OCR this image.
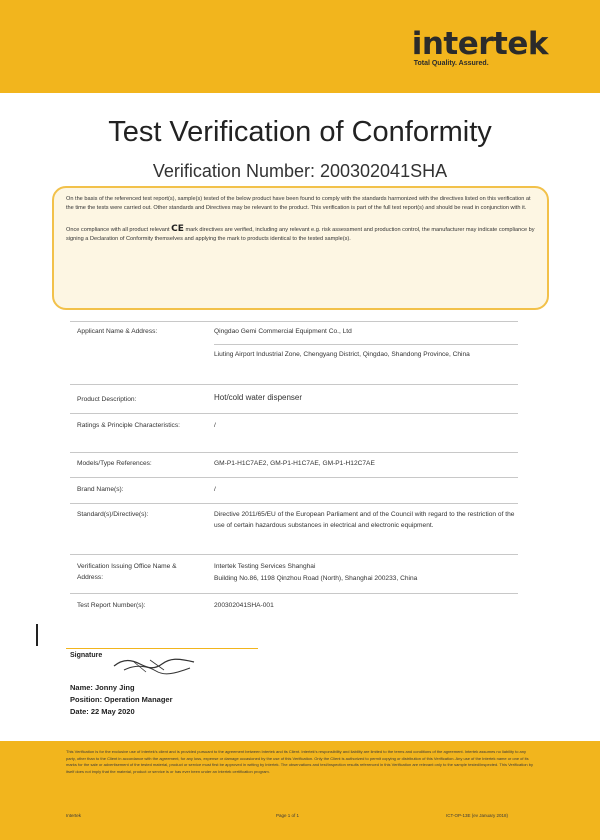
intertek
Total Quality. Assured.
Test Verification of Conformity
Verification Number: 200302041SHA

On the basis of the referenced test report(s), sample(s) tested of the below product have been found to comply with the standards harmonized with the directives listed on this verification at the time the tests were carried out. Other standards and Directives may be relevant to the product. This verification is part of the full test report(s) and should be read in conjunction with it.

Once compliance with all product relevant CE mark directives are verified, including any relevant e.g. risk assessment and production control, the manufacturer may indicate compliance by signing a Declaration of Conformity themselves and applying the mark to products identical to the tested sample(s).

Applicant Name & Address:	Qingdao Gemi Commercial Equipment Co., Ltd
Liuting Airport Industrial Zone, Chengyang District, Qingdao, Shandong Province, China
Product Description:	Hot/cold water dispenser
Ratings & Principle Characteristics:	/
Models/Type References:	GM-P1-H1C7AE2, GM-P1-H1C7AE, GM-P1-H12C7AE
Brand Name(s):	/
Standard(s)/Directive(s):	Directive 2011/65/EU of the European Parliament and of the Council with regard to the restriction of the use of certain hazardous substances in electrical and electronic equipment.
Verification Issuing Office Name & Address:
Intertek Testing Services Shanghai
Building No.86, 1198 Qinzhou Road (North), Shanghai 200233, China
Test Report Number(s):	200302041SHA-001
Signature
Name: Jonny Jing
Position: Operation Manager
Date: 22 May 2020

This Verification is for the exclusive use of Intertek's client and is provided pursuant to the agreement between Intertek and its Client. Intertek's responsibility and liability are limited to the terms and conditions of the agreement. Intertek assumes no liability to any party, other than to the Client in accordance with the agreement, for any loss, expense or damage occasioned by the use of this Verification. Only the Client is authorized to permit copying or distribution of this Verification. Any use of the Intertek name or one of its marks for the sale or advertisement of the tested material, product or service must first be approved in writing by Intertek. The observations and test/inspection results referenced in this Verification are relevant only to the sample tested/inspected. This Verification by itself does not imply that the material, product or service is or has ever been under an Intertek certification program.

Intertek	Page 1 of 1	ICT-OP-13E (ev January 2018)
